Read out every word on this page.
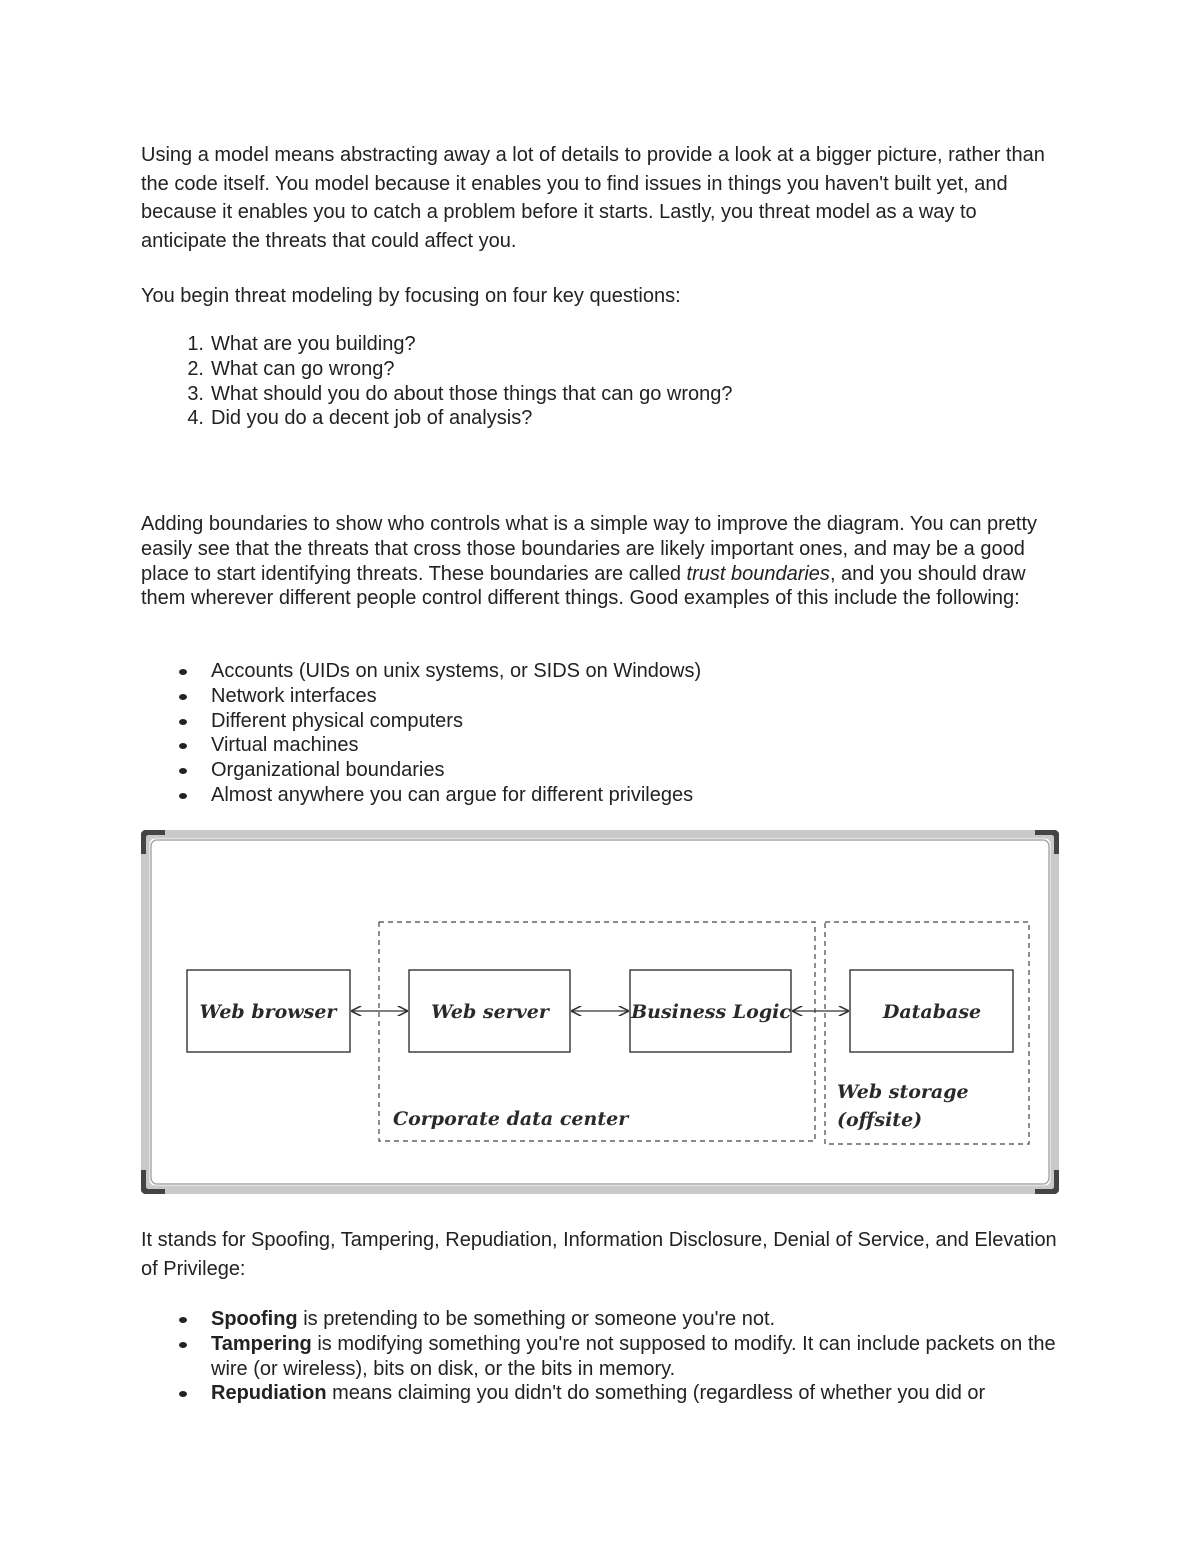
Using a model means abstracting away a lot of details to provide a look at a bigger picture, rather than the code itself. You model because it enables you to find issues in things you haven't built yet, and because it enables you to catch a problem before it starts. Lastly, you threat model as a way to anticipate the threats that could affect you.

You begin threat modeling by focusing on four key questions:

1. What are you building?
2. What can go wrong?
3. What should you do about those things that can go wrong?
4. Did you do a decent job of analysis?

Adding boundaries to show who controls what is a simple way to improve the diagram. You can pretty easily see that the threats that cross those boundaries are likely important ones, and may be a good place to start identifying threats. These boundaries are called trust boundaries, and you should draw them wherever different people control different things. Good examples of this include the following:

Accounts (UIDs on unix systems, or SIDS on Windows)
Network interfaces
Different physical computers
Virtual machines
Organizational boundaries
Almost anywhere you can argue for different privileges
Web browser	Web server	Business Logic	Database
Corporate data center
Web storage
(offsite)

It stands for Spoofing, Tampering, Repudiation, Information Disclosure, Denial of Service, and Elevation of Privilege:

Spoofing is pretending to be something or someone you're not.
Tampering is modifying something you're not supposed to modify. It can include packets on the wire (or wireless), bits on disk, or the bits in memory.
Repudiation means claiming you didn't do something (regardless of whether you did or
